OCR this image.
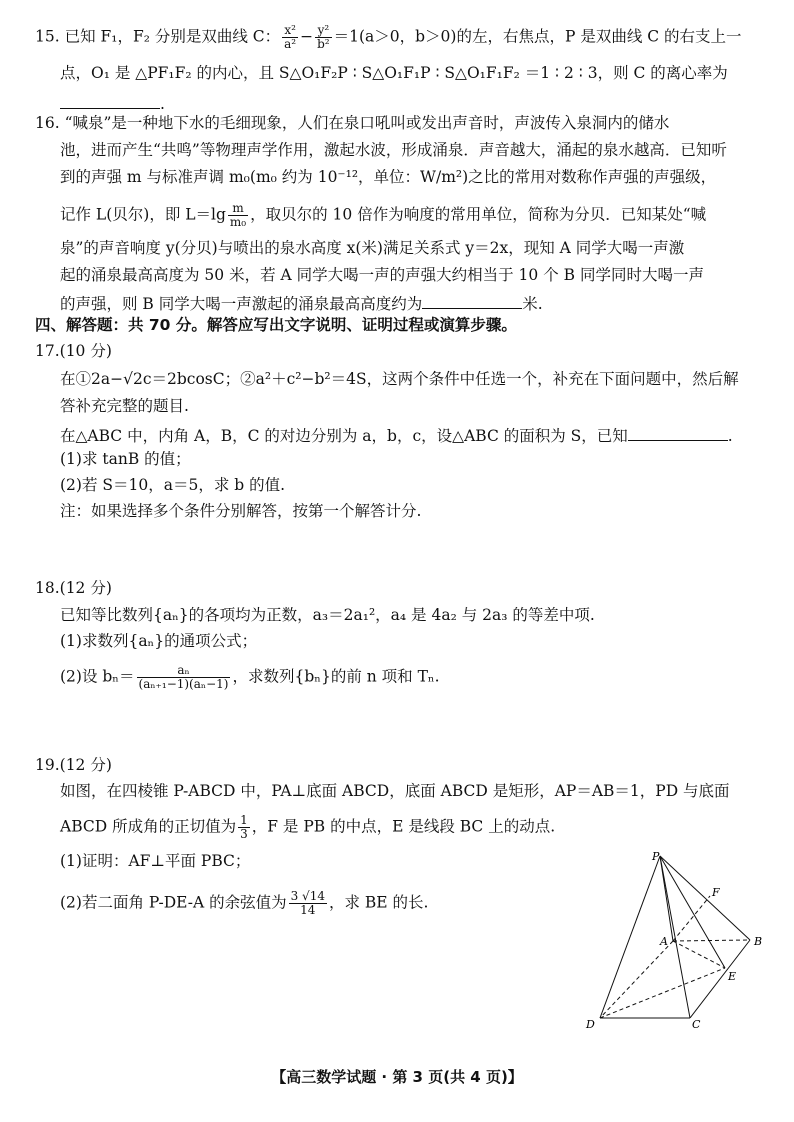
15. 已知 F₁，F₂ 分别是双曲线 C： $\frac{\text{x²}}{\text{a²}} - \frac{\text{y²}}{\text{b²}} =1(a>0$，b＞0)的左，右焦点，P 是双曲线 C 的右支上一
点，O₁ 是 △PF₁F₂ 的内心，且 S△O₁F₂P ∶ S△O₁F₁P ∶ S△O₁F₁F₂ ＝1 ∶ 2 ∶ 3，则 C 的离心率为
.
16. “喊泉”是一种地下水的毛细现象，人们在泉口吼叫或发出声音时，声波传入泉洞内的储水
池，进而产生“共鸣”等物理声学作用，激起水波，形成涌泉．声音越大，涌起的泉水越高．已知听
到的声强 m 与标准声调 m₀(m₀ 约为 10⁻¹²，单位：W/m²)之比的常用对数称作声强的声强级，
记作 L(贝尔)，即 $L=\lg \frac{m}{\text{m₀}}$ ，取贝尔的 10 倍作为响度的常用单位，简称为分贝．已知某处“喊
泉”的声音响度 y(分贝)与喷出的泉水高度 x(米)满足关系式 y＝2x，现知 A 同学大喝一声激
起的涌泉最高高度为 50 米，若 A 同学大喝一声的声强大约相当于 10 个 B 同学同时大喝一声
的声强，则 B 同学大喝一声激起的涌泉最高高度约为	米.
四、解答题：共 70 分。解答应写出文字说明、证明过程或演算步骤。
17.(10 分)
在①2a−√2c＝2bcosC；②a²＋c²−b²＝4S，这两个条件中任选一个，补充在下面问题中，然后解
答补充完整的题目.
在△ABC 中，内角 A，B，C 的对边分别为 a，b，c，设△ABC 的面积为 S，已知	.
(1)求 tanB 的值；
(2)若 S＝10，a＝5，求 b 的值.
注：如果选择多个条件分别解答，按第一个解答计分.
18.(12 分)
已知等比数列{aₙ}的各项均为正数，a₃＝2a₁²，a₄ 是 4a₂ 与 2a₃ 的等差中项.
(1)求数列{aₙ}的通项公式；
(2)设 $b_n= \frac{\text{aₙ}}{\text{(aₙ₊₁−1)(aₙ−1)}}$ ，求数列{bₙ}的前 n 项和 Tₙ.
19.(12 分)
如图，在四棱锥 P-ABCD 中，PA⊥底面 ABCD，底面 ABCD 是矩形，AP＝AB＝1，PD 与底面
ABCD 所成角的正切值为 $\frac{1}{3}$ ，F 是 PB 的中点，E 是线段 BC 上的动点.
(1)证明：AF⊥平面 PBC；
(2)若二面角 P-DE-A 的余弦值为 $\frac{3 √14}{14}$ ，求 BE 的长.
P
F
A	B
E
D	C
【高三数学试题 · 第 3 页(共 4 页)】
